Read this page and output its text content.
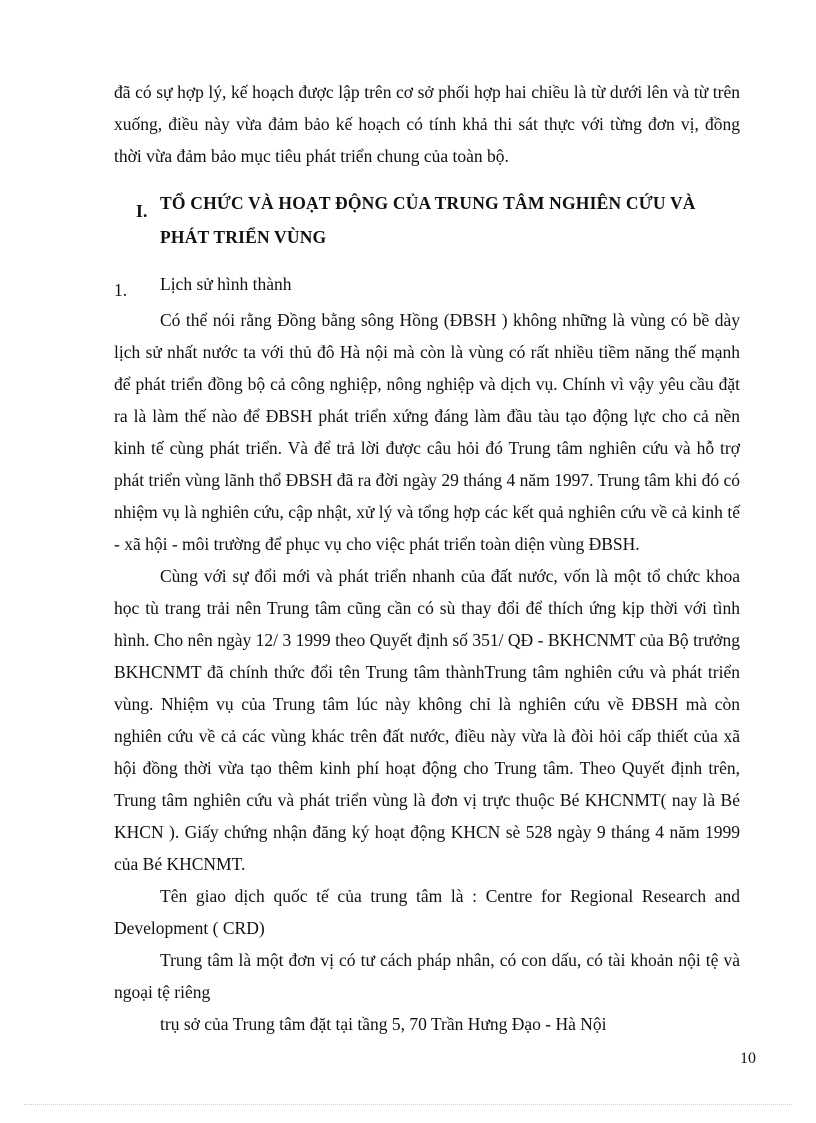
đã có sự hợp lý, kế hoạch được lập trên cơ sở phối hợp hai chiều là từ dưới lên và từ trên xuống, điều này vừa đảm bảo kế hoạch có tính khả thi sát thực với từng đơn vị, đồng thời vừa đảm bảo mục tiêu phát triển chung của toàn bộ.

I. TỔ CHỨC VÀ HOẠT ĐỘNG CỦA TRUNG TÂM NGHIÊN CỨU VÀ PHÁT TRIỂN VÙNG
1. Lịch sử hình thành

Có thể nói rằng Đồng bằng sông Hồng (ĐBSH ) không những là vùng có bề dày lịch sử nhất nước ta với thủ đô Hà nội mà còn là vùng có rất nhiều tiềm năng thế mạnh để phát triển đồng bộ cả công nghiệp, nông nghiệp và dịch vụ. Chính vì vậy yêu cầu đặt ra là làm thế nào để ĐBSH phát triển xứng đáng làm đầu tàu tạo động lực cho cả nền kinh tế cùng phát triển. Và để trả lời được câu hỏi đó Trung tâm nghiên cứu và hỗ trợ phát triển vùng lãnh thổ ĐBSH đã ra đời ngày 29 tháng 4 năm 1997. Trung tâm khi đó có nhiệm vụ là nghiên cứu, cập nhật, xử lý và tổng hợp các kết quả nghiên cứu về cả kinh tế - xã hội - môi trường để phục vụ cho việc phát triển toàn diện vùng ĐBSH.

Cùng với sự đổi mới và phát triển nhanh của đất nước, vốn là một tổ chức khoa học tù trang trải nên Trung tâm cũng cần có sù thay đổi để thích ứng kịp thời với tình hình. Cho nên ngày 12/ 3 1999 theo Quyết định số 351/ QĐ - BKHCNMT của Bộ trưởng BKHCNMT đã chính thức đổi tên Trung tâm thànhTrung tâm nghiên cứu và phát triển vùng. Nhiệm vụ của Trung tâm lúc này không chỉ là nghiên cứu về ĐBSH mà còn nghiên cứu về cả các vùng khác trên đất nước, điều này vừa là đòi hỏi cấp thiết của xã hội đồng thời vừa tạo thêm kinh phí hoạt động cho Trung tâm. Theo Quyết định trên, Trung tâm nghiên cứu và phát triển vùng là đơn vị trực thuộc Bé KHCNMT( nay là Bé KHCN ). Giấy chứng nhận đăng ký hoạt động KHCN sè 528 ngày 9 tháng 4 năm 1999 của Bé KHCNMT.

Tên giao dịch quốc tế của trung tâm là : Centre for Regional Research and Development ( CRD)

Trung tâm là một đơn vị có tư cách pháp nhân, có con dấu, có tài khoản nội tệ và ngoại tệ riêng

trụ sở của Trung tâm đặt tại tầng 5, 70 Trần Hưng Đạo - Hà Nội

10
